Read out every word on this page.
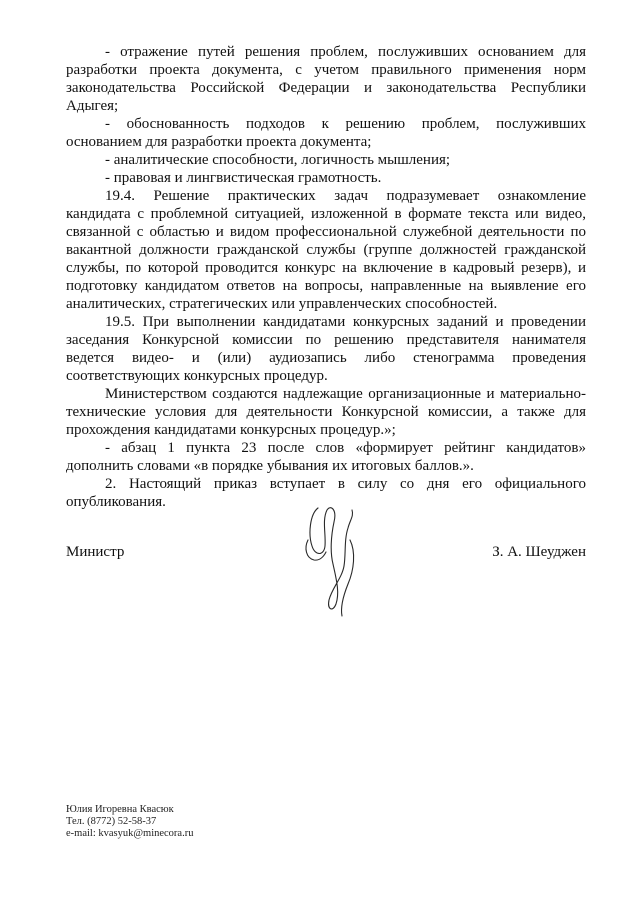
- отражение путей решения проблем, послуживших основанием для
разработки проекта документа, с учетом правильного применения норм
законодательства Российской Федерации и законодательства Республики
Адыгея;
- обоснованность подходов к решению проблем, послуживших
основанием для разработки проекта документа;
- аналитические способности, логичность мышления;
- правовая и лингвистическая грамотность.
19.4. Решение практических задач подразумевает ознакомление
кандидата с проблемной ситуацией, изложенной в формате текста или видео,
связанной с областью и видом профессиональной служебной деятельности по
вакантной должности гражданской службы (группе должностей гражданской
службы, по которой проводится конкурс на включение в кадровый резерв), и
подготовку кандидатом ответов на вопросы, направленные на выявление его
аналитических, стратегических или управленческих способностей.
19.5. При выполнении кандидатами конкурсных заданий и проведении
заседания Конкурсной комиссии по решению представителя нанимателя
ведется видео- и (или) аудиозапись либо стенограмма проведения
соответствующих конкурсных процедур.
Министерством создаются надлежащие организационные и материально-
технические условия для деятельности Конкурсной комиссии, а также для
прохождения кандидатами конкурсных процедур.»;
- абзац 1 пункта 23 после слов «формирует рейтинг кандидатов»
дополнить словами «в порядке убывания их итоговых баллов.».
2. Настоящий приказ вступает в силу со дня его официального
опубликования.
Министр	З. А. Шеуджен
Юлия Игоревна Квасюк
Тел. (8772) 52-58-37
e-mail: kvasyuk@minecora.ru
